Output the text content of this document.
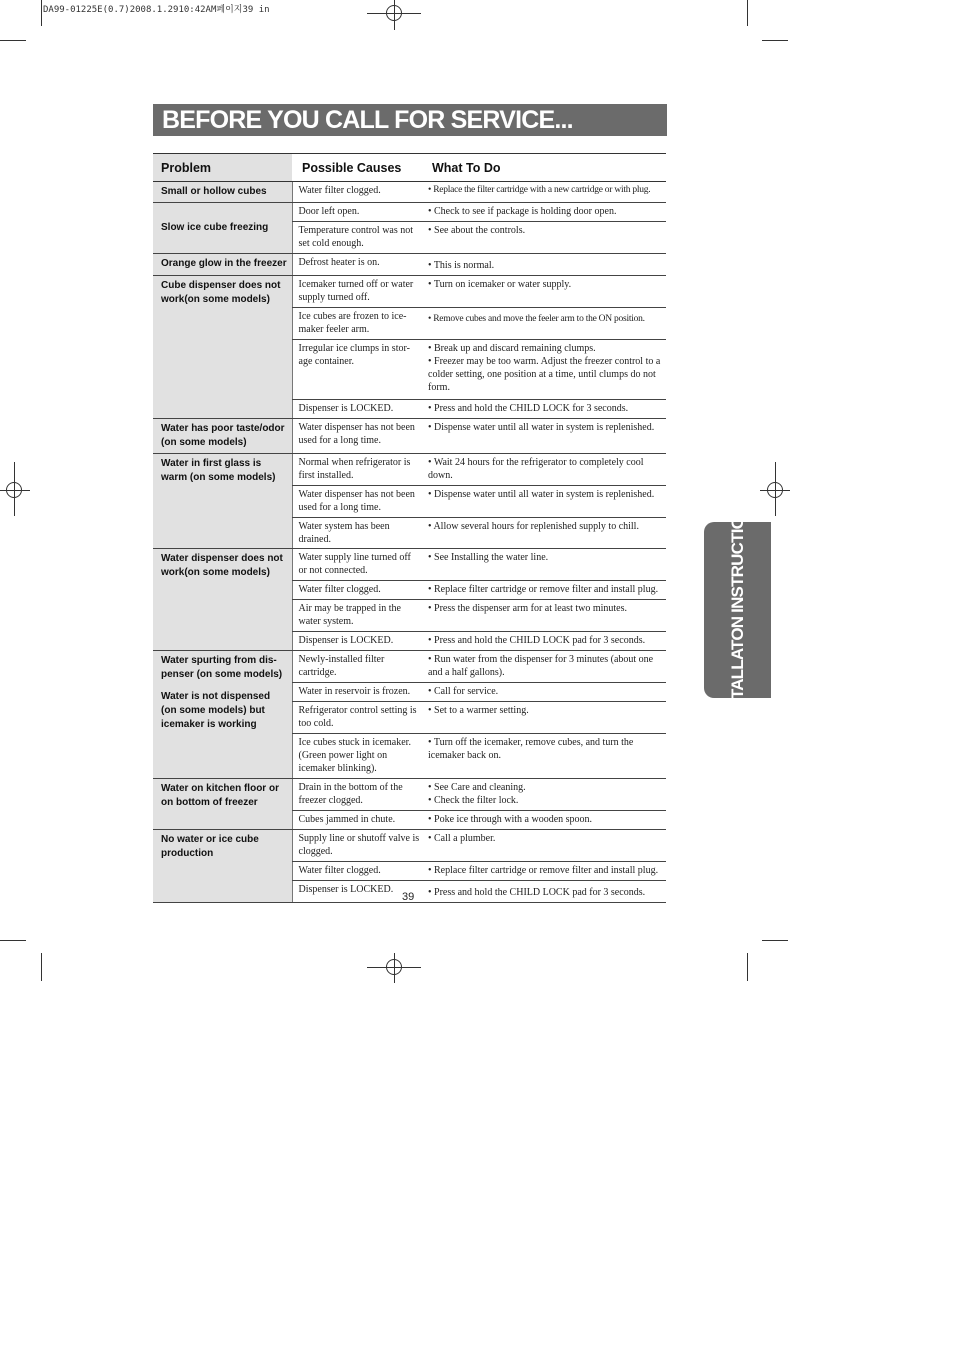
DA99-01225E(0.7)2008.1.2910:42AM페이지39 in
BEFORE YOU CALL FOR SERVICE...
INSTALLATON INSTRUCTIONS
Problem	Possible Causes	What To Do
Small or hollow cubes	Water filter clogged.	• Replace the filter cartridge with a new cartridge or with plug.

Slow ice cube freezing	Door left open.	• Check to see if package is holding door open.

	Temperature control was not set cold enough.	• See about the controls.

Orange glow in the freezer	Defrost heater is on.	• This is normal.

Cube dispenser does not work(on some models)	Icemaker turned off or water supply turned off.	• Turn on icemaker or water supply.

	Ice cubes are frozen to ice-maker feeler arm.	• Remove cubes and move the feeler arm to the ON position.

	Irregular ice clumps in stor-age container.	• Break up and discard remaining clumps.
• Freezer may be too warm. Adjust the freezer control to a colder setting, one position at a time, until clumps do not form.

	Dispenser is LOCKED.	• Press and hold the CHILD LOCK for 3 seconds.

Water has poor taste/odor (on some models)	Water dispenser has not been used for a long time.	• Dispense water until all water in system is replenished.

Water in first glass is warm (on some models)	Normal when refrigerator is first installed.	• Wait 24 hours for the refrigerator to completely cool down.

	Water dispenser has not been used for a long time.	• Dispense water until all water in system is replenished.

	Water system has been drained.	• Allow several hours for replenished supply to chill.

Water dispenser does not work(on some models)	Water supply line turned off or not connected.	• See Installing the water line.

	Water filter clogged.	• Replace filter cartridge or remove filter and install plug.

	Air may be trapped in the water system.	• Press the dispenser arm for at least two minutes.

	Dispenser is LOCKED.	• Press and hold the CHILD LOCK pad for 3 seconds.

Water spurting from dis-penser (on some models)
Water is not dispensed (on some models) but icemaker is working	Newly-installed filter cartridge.	• Run water from the dispenser for 3 minutes (about one and a half gallons).

	Water in reservoir is frozen.	• Call for service.

	Refrigerator control setting is too cold.	• Set to a warmer setting.

	Ice cubes stuck in icemaker. (Green power light on icemaker blinking).	• Turn off the icemaker, remove cubes, and turn the icemaker back on.

Water on kitchen floor or on bottom of freezer	Drain in the bottom of the freezer clogged.	• See Care and cleaning.
• Check the filter lock.

	Cubes jammed in chute.	• Poke ice through with a wooden spoon.

No water or ice cube production	Supply line or shutoff valve is clogged.	• Call a plumber.

	Water filter clogged.	• Replace filter cartridge or remove filter and install plug.

	Dispenser is LOCKED.	• Press and hold the CHILD LOCK pad for 3 seconds.
39
